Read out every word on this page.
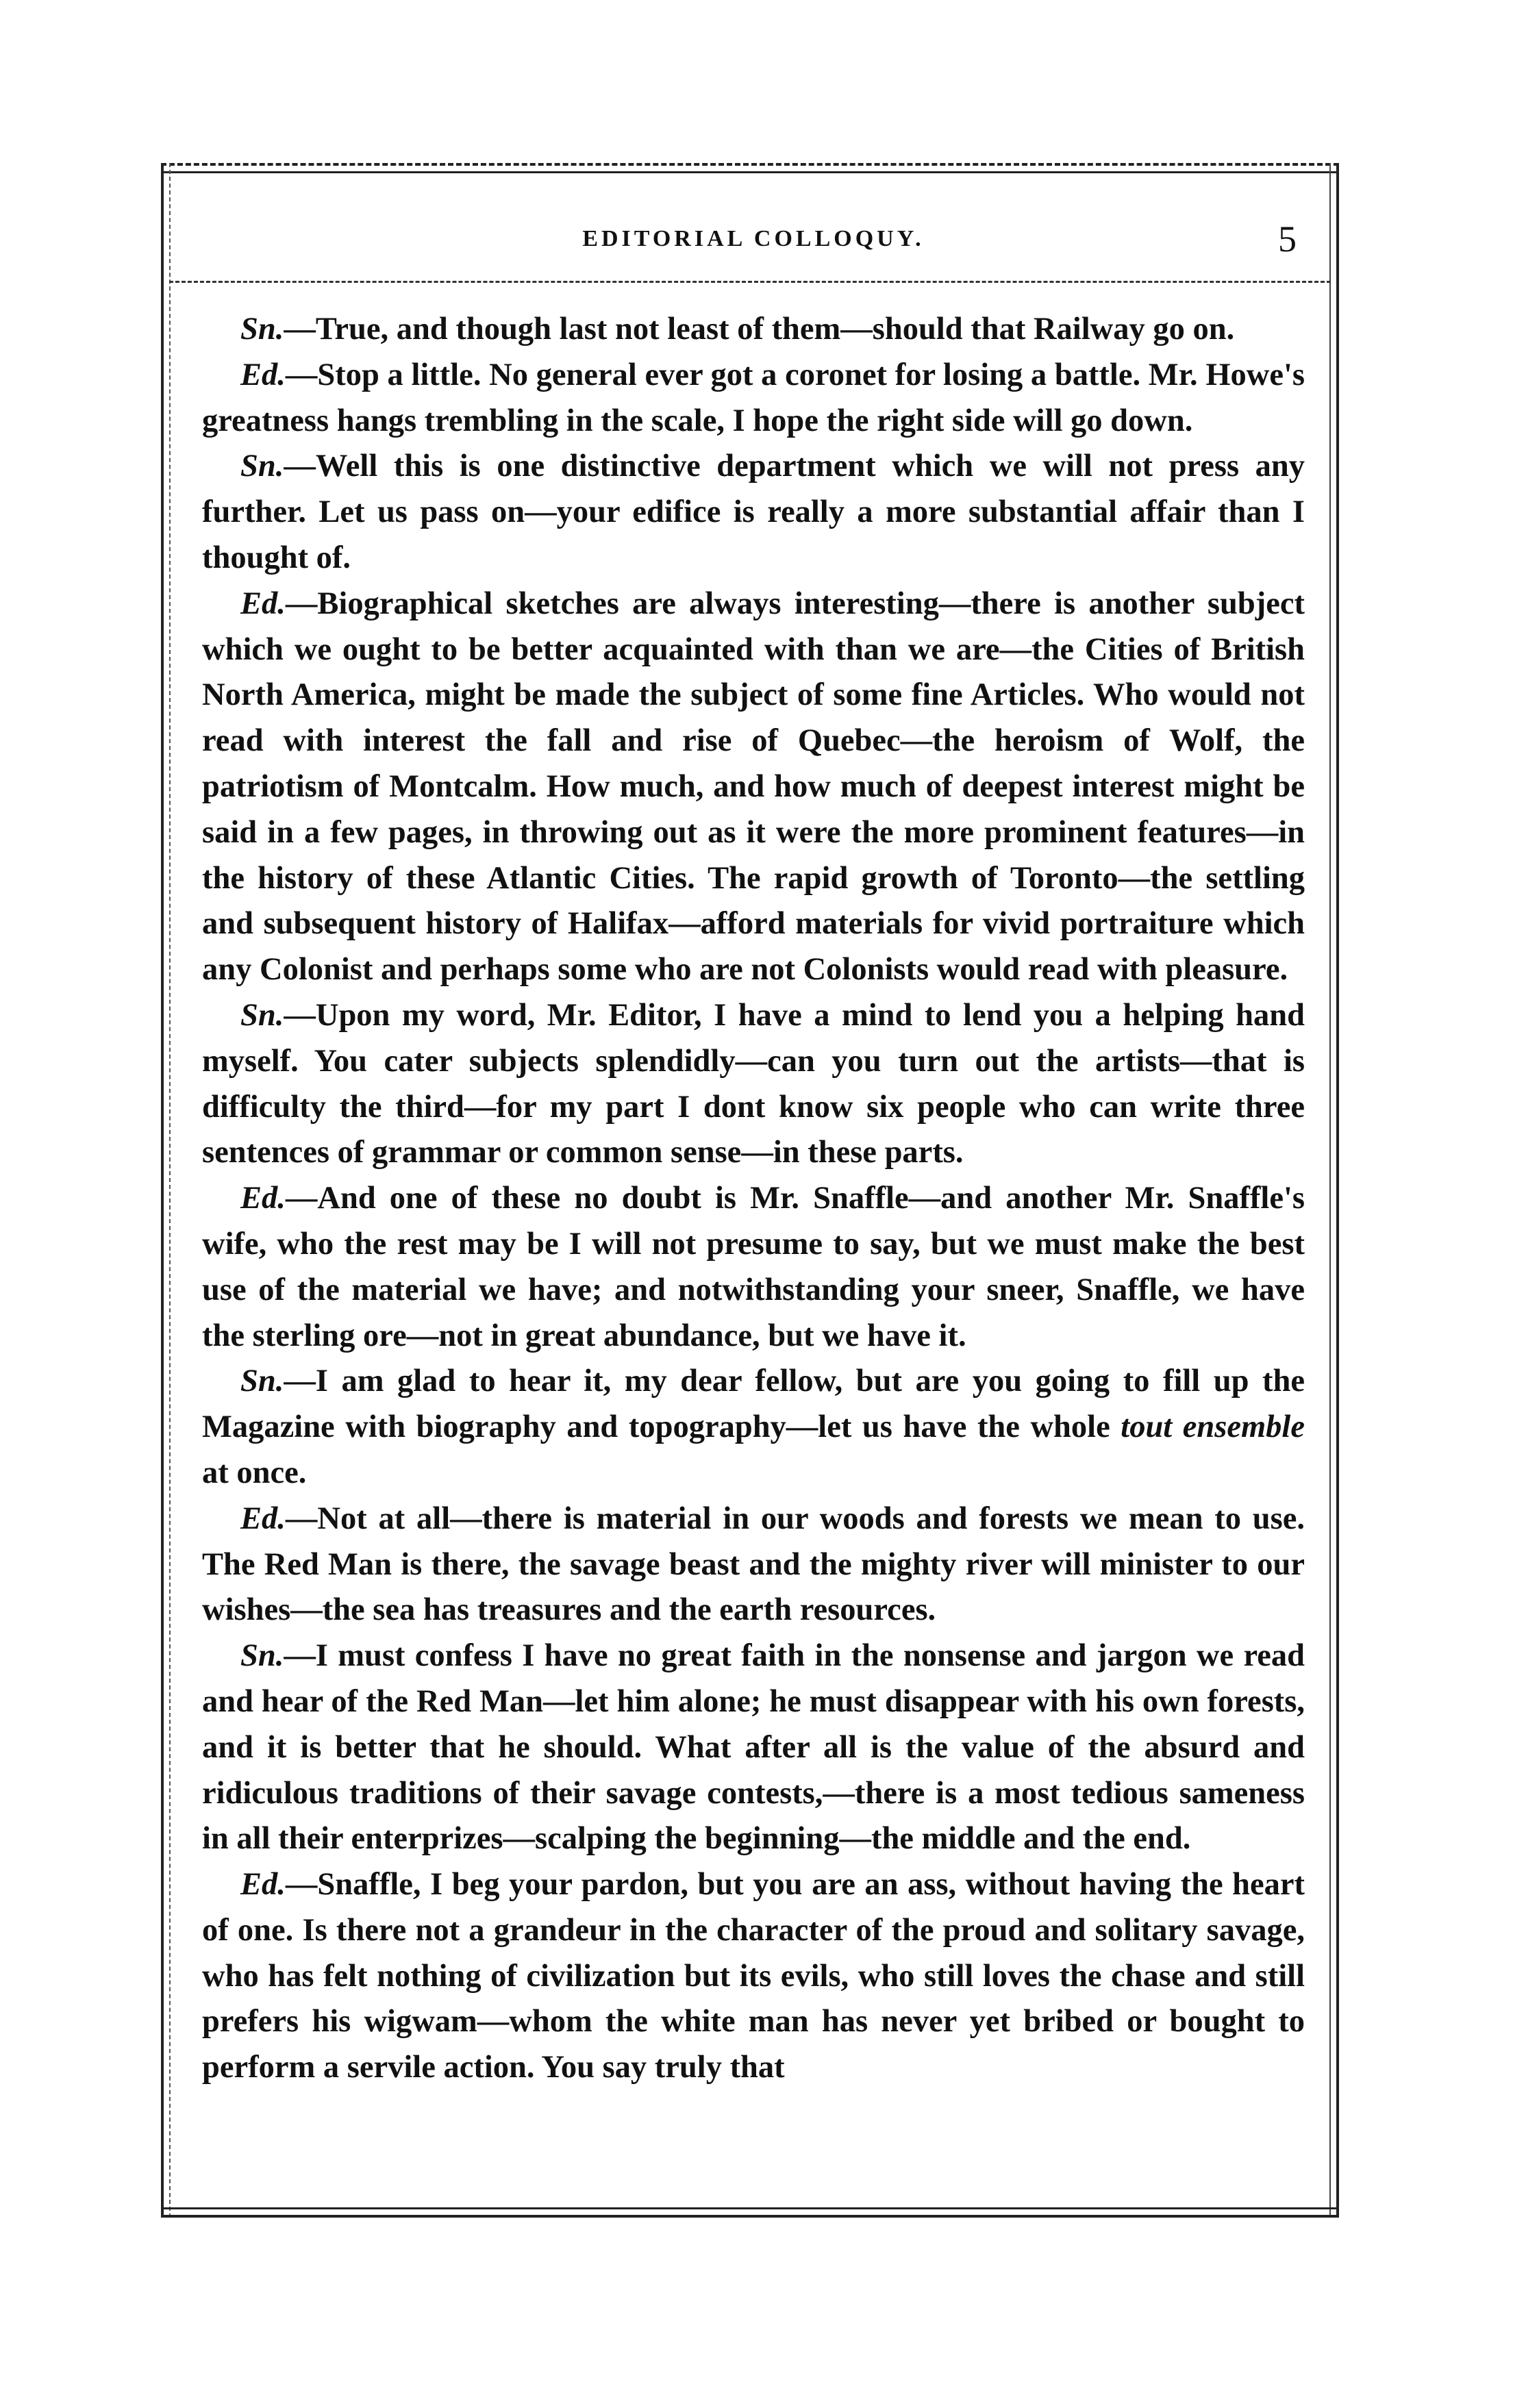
EDITORIAL COLLOQUY.	5

Sn.—True, and though last not least of them—should that Railway go on.

Ed.—Stop a little. No general ever got a coronet for losing a battle. Mr. Howe's greatness hangs trembling in the scale, I hope the right side will go down.

Sn.—Well this is one distinctive department which we will not press any further. Let us pass on—your edifice is really a more substantial affair than I thought of.

Ed.—Biographical sketches are always interesting—there is another subject which we ought to be better acquainted with than we are—the Cities of British North America, might be made the subject of some fine Articles. Who would not read with interest the fall and rise of Quebec—the heroism of Wolf, the patriotism of Montcalm. How much, and how much of deepest interest might be said in a few pages, in throwing out as it were the more prominent features—in the history of these Atlantic Cities. The rapid growth of Toronto—the settling and subsequent history of Halifax—afford materials for vivid portraiture which any Colonist and perhaps some who are not Colonists would read with pleasure.

Sn.—Upon my word, Mr. Editor, I have a mind to lend you a helping hand myself. You cater subjects splendidly—can you turn out the artists—that is difficulty the third—for my part I dont know six people who can write three sentences of grammar or common sense—in these parts.

Ed.—And one of these no doubt is Mr. Snaffle—and another Mr. Snaffle's wife, who the rest may be I will not presume to say, but we must make the best use of the material we have; and notwithstanding your sneer, Snaffle, we have the sterling ore—not in great abundance, but we have it.

Sn.—I am glad to hear it, my dear fellow, but are you going to fill up the Magazine with biography and topography—let us have the whole tout ensemble at once.

Ed.—Not at all—there is material in our woods and forests we mean to use. The Red Man is there, the savage beast and the mighty river will minister to our wishes—the sea has treasures and the earth resources.

Sn.—I must confess I have no great faith in the nonsense and jargon we read and hear of the Red Man—let him alone; he must disappear with his own forests, and it is better that he should. What after all is the value of the absurd and ridiculous traditions of their savage contests,—there is a most tedious sameness in all their enterprizes—scalping the beginning—the middle and the end.

Ed.—Snaffle, I beg your pardon, but you are an ass, without having the heart of one. Is there not a grandeur in the character of the proud and solitary savage, who has felt nothing of civilization but its evils, who still loves the chase and still prefers his wigwam—whom the white man has never yet bribed or bought to perform a servile action. You say truly that
